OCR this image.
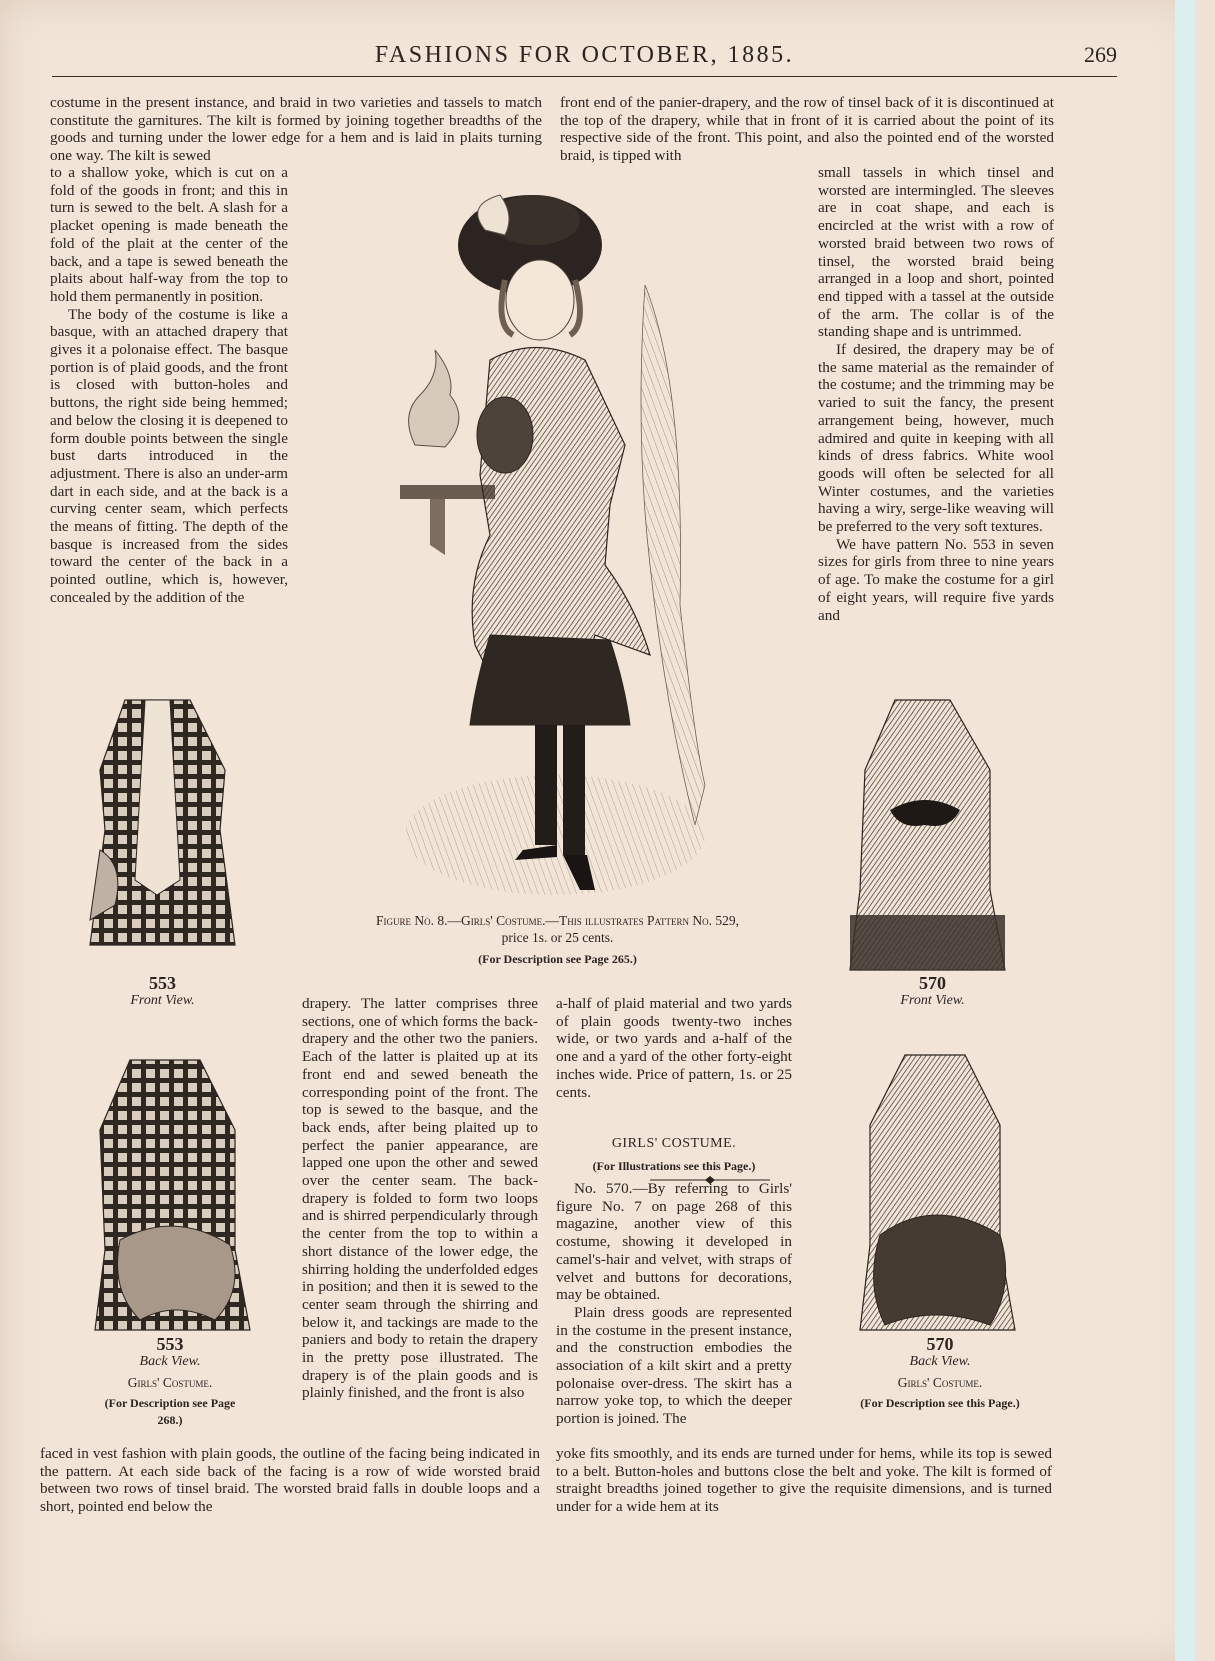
FASHIONS FOR OCTOBER, 1885.	269

costume in the present instance, and braid in two varieties and tassels to match constitute the garnitures. The kilt is formed by joining together breadths of the goods and turning under the lower edge for a hem and is laid in plaits turning one way. The kilt is sewed

to a shallow yoke, which is cut on a fold of the goods in front; and this in turn is sewed to the belt. A slash for a placket opening is made beneath the fold of the plait at the center of the back, and a tape is sewed beneath the plaits about half-way from the top to hold them permanently in position.

The body of the costume is like a basque, with an attached drapery that gives it a polonaise effect. The basque portion is of plaid goods, and the front is closed with button-holes and buttons, the right side being hemmed; and below the closing it is deepened to form double points between the single bust darts introduced in the adjustment. There is also an under-arm dart in each side, and at the back is a curving center seam, which perfects the means of fitting. The depth of the basque is increased from the sides toward the center of the back in a pointed outline, which is, however, concealed by the addition of the

front end of the panier-drapery, and the row of tinsel back of it is discontinued at the top of the drapery, while that in front of it is carried about the point of its respective side of the front. This point, and also the pointed end of the worsted braid, is tipped with

small tassels in which tinsel and worsted are intermingled. The sleeves are in coat shape, and each is encircled at the wrist with a row of worsted braid between two rows of tinsel, the worsted braid being arranged in a loop and short, pointed end tipped with a tassel at the outside of the arm. The collar is of the standing shape and is untrimmed.

If desired, the drapery may be of the same material as the remainder of the costume; and the trimming may be varied to suit the fancy, the present arrangement being, however, much admired and quite in keeping with all kinds of dress fabrics. White wool goods will often be selected for all Winter costumes, and the varieties having a wiry, serge-like weaving will be preferred to the very soft textures.

We have pattern No. 553 in seven sizes for girls from three to nine years of age. To make the costume for a girl of eight years, will require five yards and

Figure No. 8.—Girls' Costume.—This illustrates Pattern No. 529,
price 1s. or 25 cents.
(For Description see Page 265.)
553
Front View.
553
Back View.
Girls' Costume.
(For Description see Page 268.)
570
Front View.
570
Back View.
Girls' Costume.
(For Description see this Page.)

drapery. The latter comprises three sections, one of which forms the back-drapery and the other two the paniers. Each of the latter is plaited up at its front end and sewed beneath the corresponding point of the front. The top is sewed to the basque, and the back ends, after being plaited up to perfect the panier appearance, are lapped one upon the other and sewed over the center seam. The back-drapery is folded to form two loops and is shirred perpendicularly through the center from the top to within a short distance of the lower edge, the shirring holding the underfolded edges in position; and then it is sewed to the center seam through the shirring and below it, and tackings are made to the paniers and body to retain the drapery in the pretty pose illustrated. The drapery is of the plain goods and is plainly finished, and the front is also

a-half of plaid material and two yards of plain goods twenty-two inches wide, or two yards and a-half of the one and a yard of the other forty-eight inches wide. Price of pattern, 1s. or 25 cents.

GIRLS' COSTUME.
(For Illustrations see this Page.)

No. 570.—By referring to Girls' figure No. 7 on page 268 of this magazine, another view of this costume, showing it developed in camel's-hair and velvet, with straps of velvet and buttons for decorations, may be obtained.

Plain dress goods are represented in the costume in the present instance, and the construction embodies the association of a kilt skirt and a pretty polonaise over-dress. The skirt has a narrow yoke top, to which the deeper portion is joined. The

faced in vest fashion with plain goods, the outline of the facing being indicated in the pattern. At each side back of the facing is a row of wide worsted braid between two rows of tinsel braid. The worsted braid falls in double loops and a short, pointed end below the

yoke fits smoothly, and its ends are turned under for hems, while its top is sewed to a belt. Button-holes and buttons close the belt and yoke. The kilt is formed of straight breadths joined together to give the requisite dimensions, and is turned under for a wide hem at its
